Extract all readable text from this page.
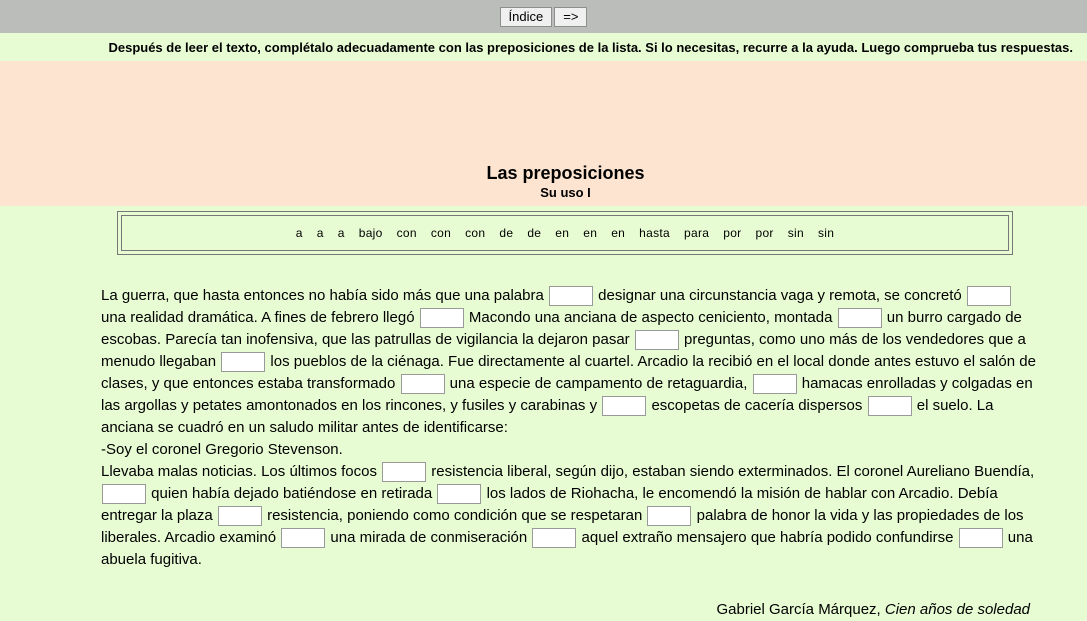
Índice	=>
Después de leer el texto, complétalo adecuadamente con las preposiciones de la lista. Si lo necesitas, recurre a la ayuda. Luego comprueba tus respuestas.
Las preposiciones
Su uso I
a a a bajo con con con de de en en en hasta para por por sin sin

La guerra, que hasta entonces no había sido más que una palabra	designar una circunstancia vaga y remota, se concretó  una realidad dramática. A fines de febrero llegó	Macondo una anciana de aspecto ceniciento, montada	un burro cargado de escobas. Parecía tan inofensiva, que las patrullas de vigilancia la dejaron pasar	preguntas, como uno más de los vendedores que a menudo llegaban	los pueblos de la ciénaga. Fue directamente al cuartel. Arcadio la recibió en el local donde antes estuvo el salón de clases, y que entonces estaba transformado	una especie de campamento de retaguardia,	hamacas enrolladas y colgadas en las argollas y petates amontonados en los rincones, y fusiles y carabinas y	escopetas de cacería dispersos	el suelo. La anciana se cuadró en un saludo militar antes de identificarse:

-Soy el coronel Gregorio Stevenson.

Llevaba malas noticias. Los últimos focos	resistencia liberal, según dijo, estaban siendo exterminados. El coronel Aureliano Buendía,  quien había dejado batiéndose en retirada	los lados de Riohacha, le encomendó la misión de hablar con Arcadio. Debía entregar la plaza	resistencia, poniendo como condición que se respetaran	palabra de honor la vida y las propiedades de los liberales. Arcadio examinó	una mirada de conmiseración	aquel extraño mensajero que habría podido confundirse	una abuela fugitiva.

Gabriel García Márquez, Cien años de soledad
